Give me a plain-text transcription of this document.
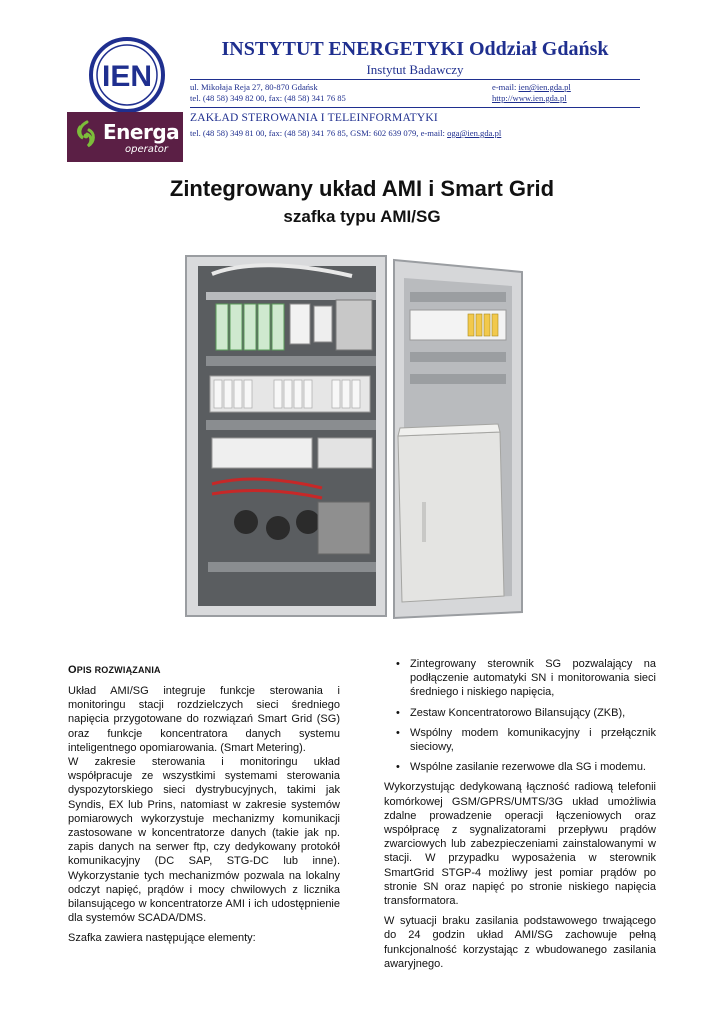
IEN
Energa
operator
INSTYTUT ENERGETYKI Oddział Gdańsk
Instytut Badawczy
ul. Mikołaja Reja 27, 80-870 Gdańsk
tel. (48 58) 349 82 00, fax: (48 58) 341 76 85
e-mail: ien@ien.gda.pl
http://www.ien.gda.pl
ZAKŁAD STEROWANIA I TELEINFORMATYKI
tel. (48 58) 349 81 00, fax: (48 58) 341 76 85, GSM: 602 639 079, e-mail: oga@ien.gda.pl
Zintegrowany układ AMI i Smart Grid
szafka typu AMI/SG
OPIS ROZWIĄZANIA

Układ AMI/SG integruje funkcje sterowania i monitoringu stacji rozdzielczych sieci średniego napięcia przygotowane do rozwiązań Smart Grid (SG) oraz funkcje koncentratora danych systemu inteligentnego opomiarowania. (Smart Metering).

W zakresie sterowania i monitoringu układ współpracuje ze wszystkimi systemami sterowania dyspozytorskiego sieci dystrybucyjnych, takimi jak Syndis, EX lub Prins, natomiast w zakresie systemów pomiarowych wykorzystuje mechanizmy komunikacji zastosowane w koncentratorze danych (takie jak np. zapis danych na serwer ftp, czy dedykowany protokół komunikacyjny (DC SAP, STG-DC lub inne). Wykorzystanie tych mechanizmów pozwala na lokalny odczyt napięć, prądów i mocy chwilowych z licznika bilansującego w koncentratorze AMI i ich udostępnienie dla systemów SCADA/DMS.

Szafka zawiera następujące elementy:

• Zintegrowany sterownik SG pozwalający na podłączenie automatyki SN i monitorowania sieci średniego i niskiego napięcia,
• Zestaw Koncentratorowo Bilansujący (ZKB),
• Wspólny modem komunikacyjny i przełącznik sieciowy,
• Wspólne zasilanie rezerwowe dla SG i modemu.

Wykorzystując dedykowaną łączność radiową telefonii komórkowej GSM/GPRS/UMTS/3G układ umożliwia zdalne prowadzenie operacji łączeniowych oraz współpracę z sygnalizatorami przepływu prądów zwarciowych lub zabezpieczeniami zainstalowanymi w stacji. W przypadku wyposażenia w sterownik SmartGrid STGP-4 możliwy jest pomiar prądów po stronie SN oraz napięć po stronie niskiego napięcia transformatora.

W sytuacji braku zasilania podstawowego trwającego do 24 godzin układ AMI/SG zachowuje pełną funkcjonalność korzystając z wbudowanego zasilania awaryjnego.
